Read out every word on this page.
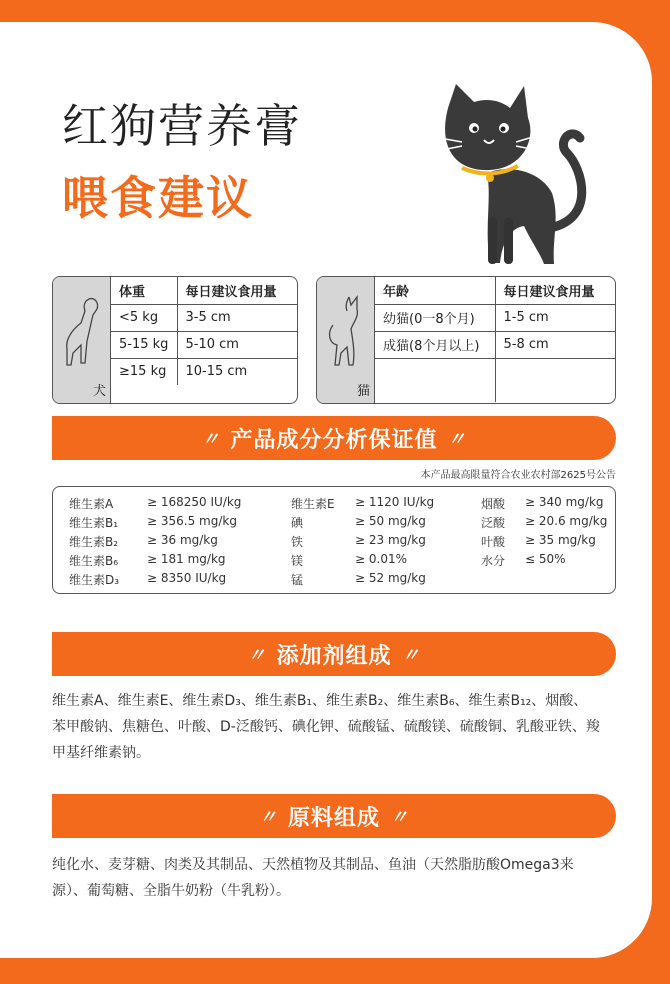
红狗营养膏
喂食建议
犬
体重	每日建议食用量
<5 kg	3-5 cm
5-15 kg	5-10 cm
≥15 kg	10-15 cm
猫
年龄	每日建议食用量
幼猫(0一8个月)	1-5 cm
成猫(8个月以上)	5-8 cm

〃 产品成分分析保证值 〃
本产品最高限量符合农业农村部2625号公告
维生素A	≥ 168250 IU/kg
维生素B₁ ≥ 356.5 mg/kg
维生素B₂ ≥ 36 mg/kg
维生素B₆ ≥ 181 mg/kg
维生素D₃ ≥ 8350 IU/kg
维生素E ≥ 1120 IU/kg
碘	≥ 50 mg/kg
铁	≥ 23 mg/kg
镁	≥ 0.01%
锰	≥ 52 mg/kg
烟酸 ≥ 340 mg/kg
泛酸 ≥ 20.6 mg/kg
叶酸 ≥ 35 mg/kg
水分 ≤ 50%
〃 添加剂组成 〃

维生素A、维生素E、维生素D₃、维生素B₁、维生素B₂、维生素B₆、维生素B₁₂、烟酸、苯甲酸钠、焦糖色、叶酸、D-泛酸钙、碘化钾、硫酸锰、硫酸镁、硫酸铜、乳酸亚铁、羧甲基纤维素钠。

〃 原料组成 〃

纯化水、麦芽糖、肉类及其制品、天然植物及其制品、鱼油（天然脂肪酸Omega3来源）、葡萄糖、全脂牛奶粉（牛乳粉）。
